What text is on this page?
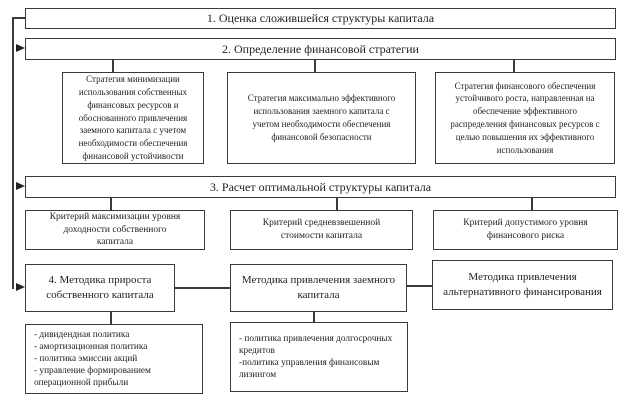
1. Оценка сложившейся структуры капитала
2. Определение финансовой стратегии
Стратегия минимизации использования собственных финансовых ресурсов и обоснованного привлечения заемного капитала с учетом необходимости обеспечения финансовой устойчивости
Стратегия максимально эффективного использования заемного капитала с учетом необходимости обеспечения финансовой безопасности
Стратегия финансового обеспечения устойчивого роста, направленная на обеспечение эффективного распределения финансовых ресурсов с целью повышения их эффективного использования
3. Расчет оптимальной структуры капитала
Критерий максимизации уровня доходности собственного капитала
Критерий средневзвешенной стоимости капитала
Критерий допустимого уровня финансового риска
4. Методика прироста собственного капитала
Методика привлечения заемного капитала
Методика привлечения альтернативного финансирования
- дивидендная политика
- амортизационная политика
- политика эмиссии акций
- управление формированием операционной прибыли
- политика привлечения долгосрочных кредитов
-политика управления финансовым лизингом
